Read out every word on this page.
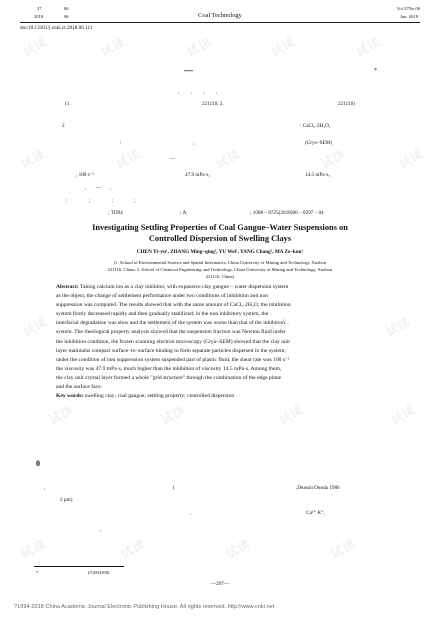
37	06
2018	06	Coal Technology
Vol.37No.06
Jun. 2018
doi:10.13301/j.cnki.ct.2018.06.111
—	*
, , , ,
(1.	221116; 2.	221116)
2	: CaCl₂·2H₂O,
: ,	(Cryo–SEM)
—
, 100 s⁻¹	47.9 mPa·s,	14.5 mPa·s。
, — ,
: ; ; ;
; TD94	; A	; 1008 – 8725(2018)06 – 0297 – 04
Investigating Settling Properties of Coal Gangue–Water Suspensions on
Controlled Dispersion of Swelling Clays
CHEN Yi–yu¹, ZHANG Ming–qing², YU Wei¹, YANG Chang¹, MA Ze–kun¹
(1. School of Environmental Science and Spatial Informatics, China University of Mining and Technology, Xuzhou
221116, China; 2. School of Chemical Engineering and Technology, China University of Mining and Technology, Xuzhou
221116, China)
Abstract: Taking calcium ion as a clay inhibitor, with expansive clay gangue – water dispersion system
as the object, the change of settlement performance under two conditions of inhibition and non
suppression was compared. The results showed that with the same amount of CaCl₂·2H₂O, the inhibition
system firstly decreased rapidly and then gradually stabilized; in the non inhibitory system, the
interfacial degradation was slow and the settlement of the system was worse than that of the inhibition
system. The rheological property analysis showed that the suspension fraction was Newton fluid under
the inhibition condition, the frozen scanning electron microscopy (Cryo–SEM) showed that the clay unit
layer maintains compact surface–to–surface binding to form separate particles dispersed in the system;
under the condition of non suppression system suspended part of plastic fluid, the shear rate was 100 s⁻¹
the viscosity was 47.9 mPa·s, much higher than the inhibition of viscosity 14.5 mPa·s. Among them,
the clay unit crystal layer formed a whole "grid structure" through the combination of the edge plane
and the surface face.
Key words: swelling clay; coal gangue; settling property; controlled dispersion
0
,	(	,Deason Onoda 1986
2 μm)
,	Ca²⁺ K⁺,
,
*	(51004108)
—297—
?1994-2018 China Academic Journal Electronic Publishing House. All rights reserved. http://www.cnki.net
试读	试读	试读	试读	试读
试读	试读	试读	试读	试读
试读	试读	试读	试读
试读	试读	试读	试读
试读	试读	试读	试读
